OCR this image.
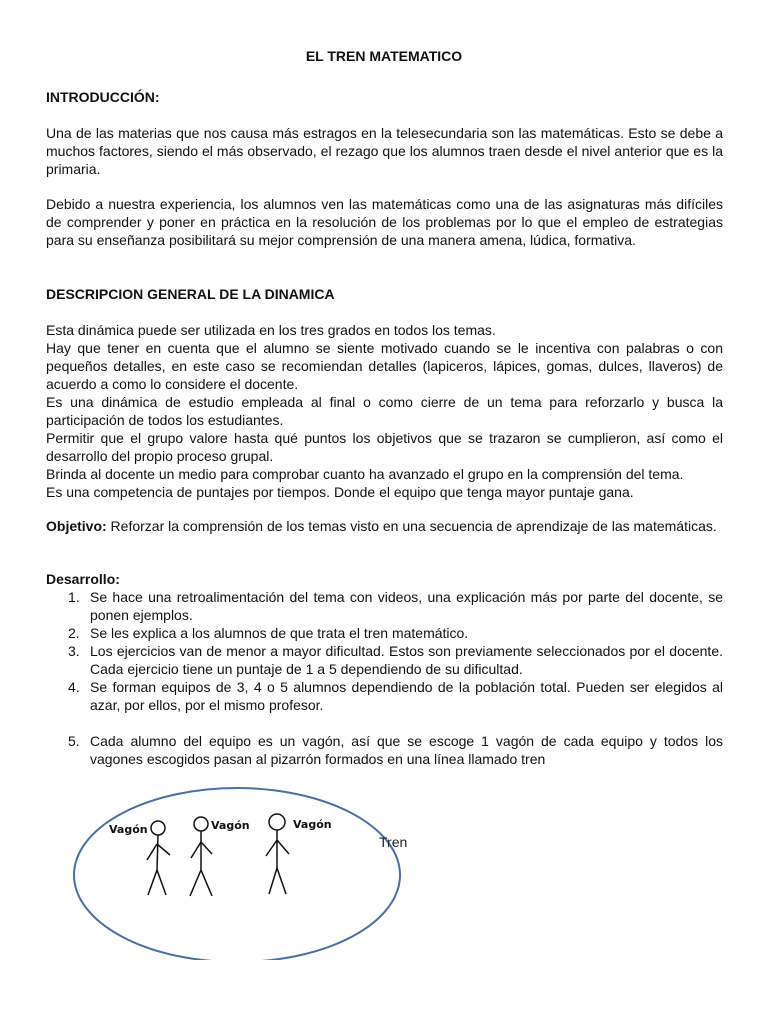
EL TREN MATEMATICO
INTRODUCCIÓN:

Una de las materias que nos causa más estragos en la telesecundaria son las matemáticas. Esto se debe a muchos factores, siendo el más observado, el rezago que los alumnos traen desde el nivel anterior que es la primaria.

Debido a nuestra experiencia, los alumnos ven las matemáticas como una de las asignaturas más difíciles de comprender y poner en práctica en la resolución de los problemas por lo que el empleo de estrategias para su enseñanza posibilitará su mejor comprensión de una manera amena, lúdica, formativa.

DESCRIPCION GENERAL DE LA DINAMICA

Esta dinámica puede ser utilizada en los tres grados en todos los temas.

Hay que tener en cuenta que el alumno se siente motivado cuando se le incentiva con palabras o con pequeños detalles, en este caso se recomiendan detalles (lapiceros, lápices, gomas, dulces, llaveros) de acuerdo a como lo considere el docente.

Es una dinámica de estudio empleada al final o como cierre de un tema para reforzarlo y busca la participación de todos los estudiantes.

Permitir que el grupo valore hasta qué puntos los objetivos que se trazaron se cumplieron, así como el desarrollo del propio proceso grupal.

Brinda al docente un medio para comprobar cuanto ha avanzado el grupo en la comprensión del tema.

Es una competencia de puntajes por tiempos. Donde el equipo que tenga mayor puntaje gana.

Objetivo: Reforzar la comprensión de los temas visto en una secuencia de aprendizaje de las matemáticas.

Desarrollo:
1. Se hace una retroalimentación del tema con videos, una explicación más por parte del docente, se ponen ejemplos.
2. Se les explica a los alumnos de que trata el tren matemático.
3. Los ejercicios van de menor a mayor dificultad. Estos son previamente seleccionados por el docente. Cada ejercicio tiene un puntaje de 1 a 5 dependiendo de su dificultad.
4. Se forman equipos de 3, 4 o 5 alumnos dependiendo de la población total. Pueden ser elegidos al azar, por ellos, por el mismo profesor.
5. Cada alumno del equipo es un vagón, así que se escoge 1 vagón de cada equipo y todos los vagones escogidos pasan al pizarrón formados en una línea llamado tren
Vagón	Vagón	Vagón
Tren
